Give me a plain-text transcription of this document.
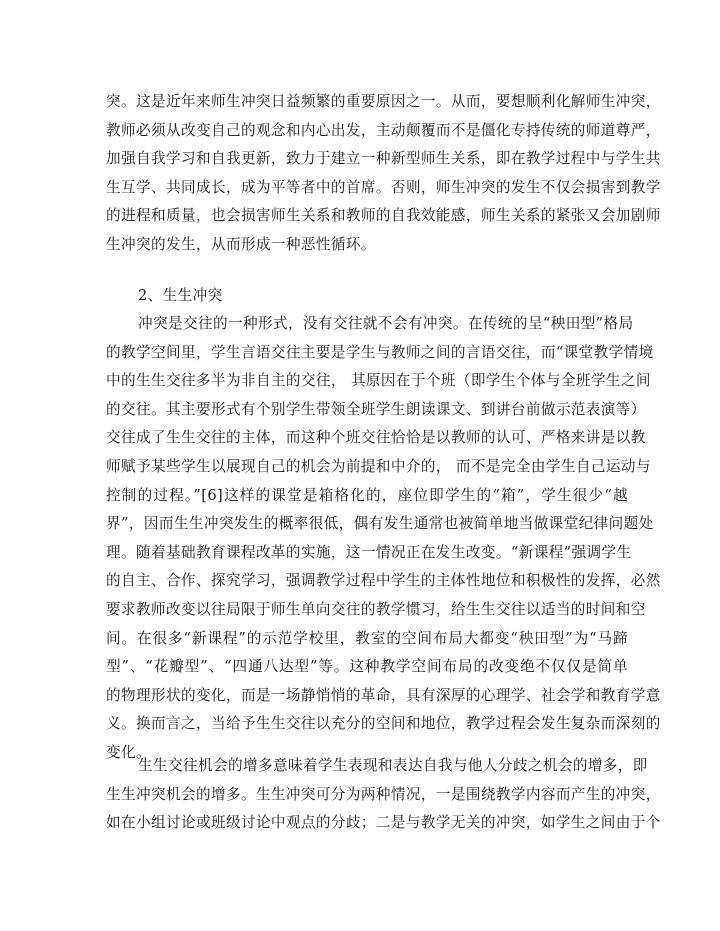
突。这是近年来师生冲突日益频繁的重要原因之一。从而，要想顺利化解师生冲突，
教师必须从改变自己的观念和内心出发，主动颠覆而不是僵化专持传统的师道尊严，
加强自我学习和自我更新，致力于建立一种新型师生关系，即在教学过程中与学生共
生互学、共同成长，成为平等者中的首席。否则，师生冲突的发生不仅会损害到教学
的进程和质量，也会损害师生关系和教师的自我效能感，师生关系的紧张又会加剧师
生冲突的发生，从而形成一种恶性循环。
2、生生冲突
冲突是交往的一种形式，没有交往就不会有冲突。在传统的呈“秧田型”格局
的教学空间里，学生言语交往主要是学生与教师之间的言语交往，而“课堂教学情境
中的生生交往多半为非自主的交往， 其原因在于个班（即学生个体与全班学生之间
的交往。其主要形式有个别学生带领全班学生朗读课文、到讲台前做示范表演等）
交往成了生生交往的主体，而这种个班交往恰恰是以教师的认可、严格来讲是以教
师赋予某些学生以展现自己的机会为前提和中介的， 而不是完全由学生自己运动与
控制的过程。”[6]这样的课堂是箱格化的，座位即学生的“箱”，学生很少“越
界”，因而生生冲突发生的概率很低，偶有发生通常也被简单地当做课堂纪律问题处
理。随着基础教育课程改革的实施，这一情况正在发生改变。“新课程”强调学生
的自主、合作、探究学习，强调教学过程中学生的主体性地位和积极性的发挥，必然
要求教师改变以往局限于师生单向交往的教学惯习，给生生交往以适当的时间和空
间。在很多“新课程”的示范学校里，教室的空间布局大都变“秧田型”为“马蹄
型”、“花瓣型”、“四通八达型”等。这种教学空间布局的改变绝不仅仅是简单
的物理形状的变化，而是一场静悄悄的革命，具有深厚的心理学、社会学和教育学意
义。换而言之，当给予生生交往以充分的空间和地位，教学过程会发生复杂而深刻的
变化。
生生交往机会的增多意味着学生表现和表达自我与他人分歧之机会的增多，即
生生冲突机会的增多。生生冲突可分为两种情况，一是围绕教学内容而产生的冲突，
如在小组讨论或班级讨论中观点的分歧；二是与教学无关的冲突，如学生之间由于个
